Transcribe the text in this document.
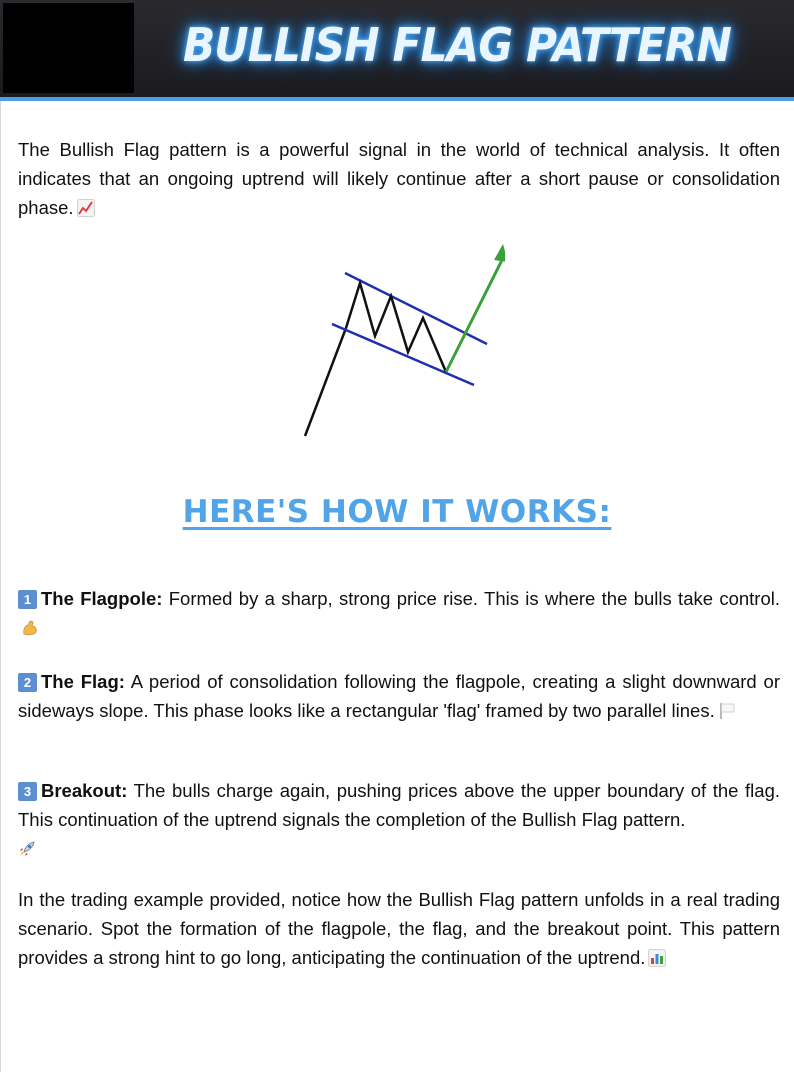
BULLISH FLAG PATTERN

The Bullish Flag pattern is a powerful signal in the world of technical analysis. It often indicates that an ongoing uptrend will likely continue after a short pause or consolidation phase.

HERE'S HOW IT WORKS:

1 The Flagpole: Formed by a sharp, strong price rise. This is where the bulls take control.

2 The Flag: A period of consolidation following the flagpole, creating a slight downward or sideways slope. This phase looks like a rectangular 'flag' framed by two parallel lines.

3 Breakout: The bulls charge again, pushing prices above the upper boundary of the flag. This continuation of the uptrend signals the completion of the Bullish Flag pattern.

In the trading example provided, notice how the Bullish Flag pattern unfolds in a real trading scenario. Spot the formation of the flagpole, the flag, and the breakout point. This pattern provides a strong hint to go long, anticipating the continuation of the uptrend.
